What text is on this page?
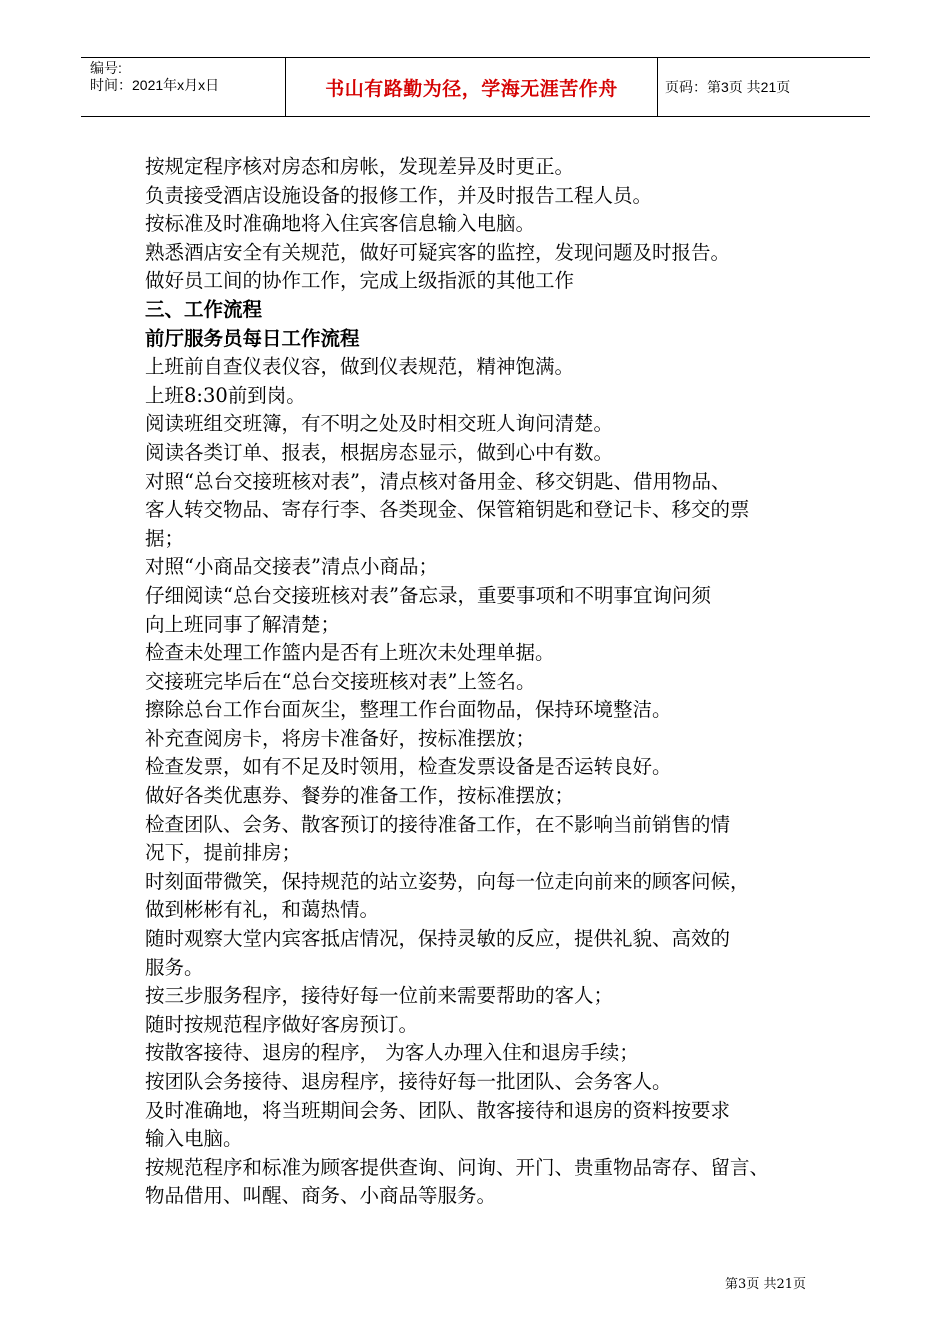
编号:
时间：2021年x月x日	书山有路勤为径，学海无涯苦作舟	页码：第3页 共21页
按规定程序核对房态和房帐，发现差异及时更正。
负责接受酒店设施设备的报修工作，并及时报告工程人员。
按标准及时准确地将入住宾客信息输入电脑。
熟悉酒店安全有关规范，做好可疑宾客的监控，发现问题及时报告。
做好员工间的协作工作，完成上级指派的其他工作
三、工作流程
前厅服务员每日工作流程
上班前自查仪表仪容，做到仪表规范，精神饱满。
上班8:30前到岗。
阅读班组交班簿，有不明之处及时相交班人询问清楚。
阅读各类订单、报表，根据房态显示，做到心中有数。
对照“总台交接班核对表”，清点核对备用金、移交钥匙、借用物品、
客人转交物品、寄存行李、各类现金、保管箱钥匙和登记卡、移交的票
据；
对照“小商品交接表”清点小商品；
仔细阅读“总台交接班核对表”备忘录，重要事项和不明事宜询问须
向上班同事了解清楚；
检查未处理工作篮内是否有上班次未处理单据。
交接班完毕后在“总台交接班核对表”上签名。
擦除总台工作台面灰尘，整理工作台面物品，保持环境整洁。
补充查阅房卡，将房卡准备好，按标准摆放；
检查发票，如有不足及时领用，检查发票设备是否运转良好。
做好各类优惠券、餐券的准备工作，按标准摆放；
检查团队、会务、散客预订的接待准备工作，在不影响当前销售的情
况下，提前排房；
时刻面带微笑，保持规范的站立姿势，向每一位走向前来的顾客问候，
做到彬彬有礼，和蔼热情。
随时观察大堂内宾客抵店情况，保持灵敏的反应，提供礼貌、高效的
服务。
按三步服务程序，接待好每一位前来需要帮助的客人；
随时按规范程序做好客房预订。
按散客接待、退房的程序， 为客人办理入住和退房手续；
按团队会务接待、退房程序，接待好每一批团队、会务客人。
及时准确地，将当班期间会务、团队、散客接待和退房的资料按要求
输入电脑。
按规范程序和标准为顾客提供查询、问询、开门、贵重物品寄存、留言、
物品借用、叫醒、商务、小商品等服务。
第3页 共21页
